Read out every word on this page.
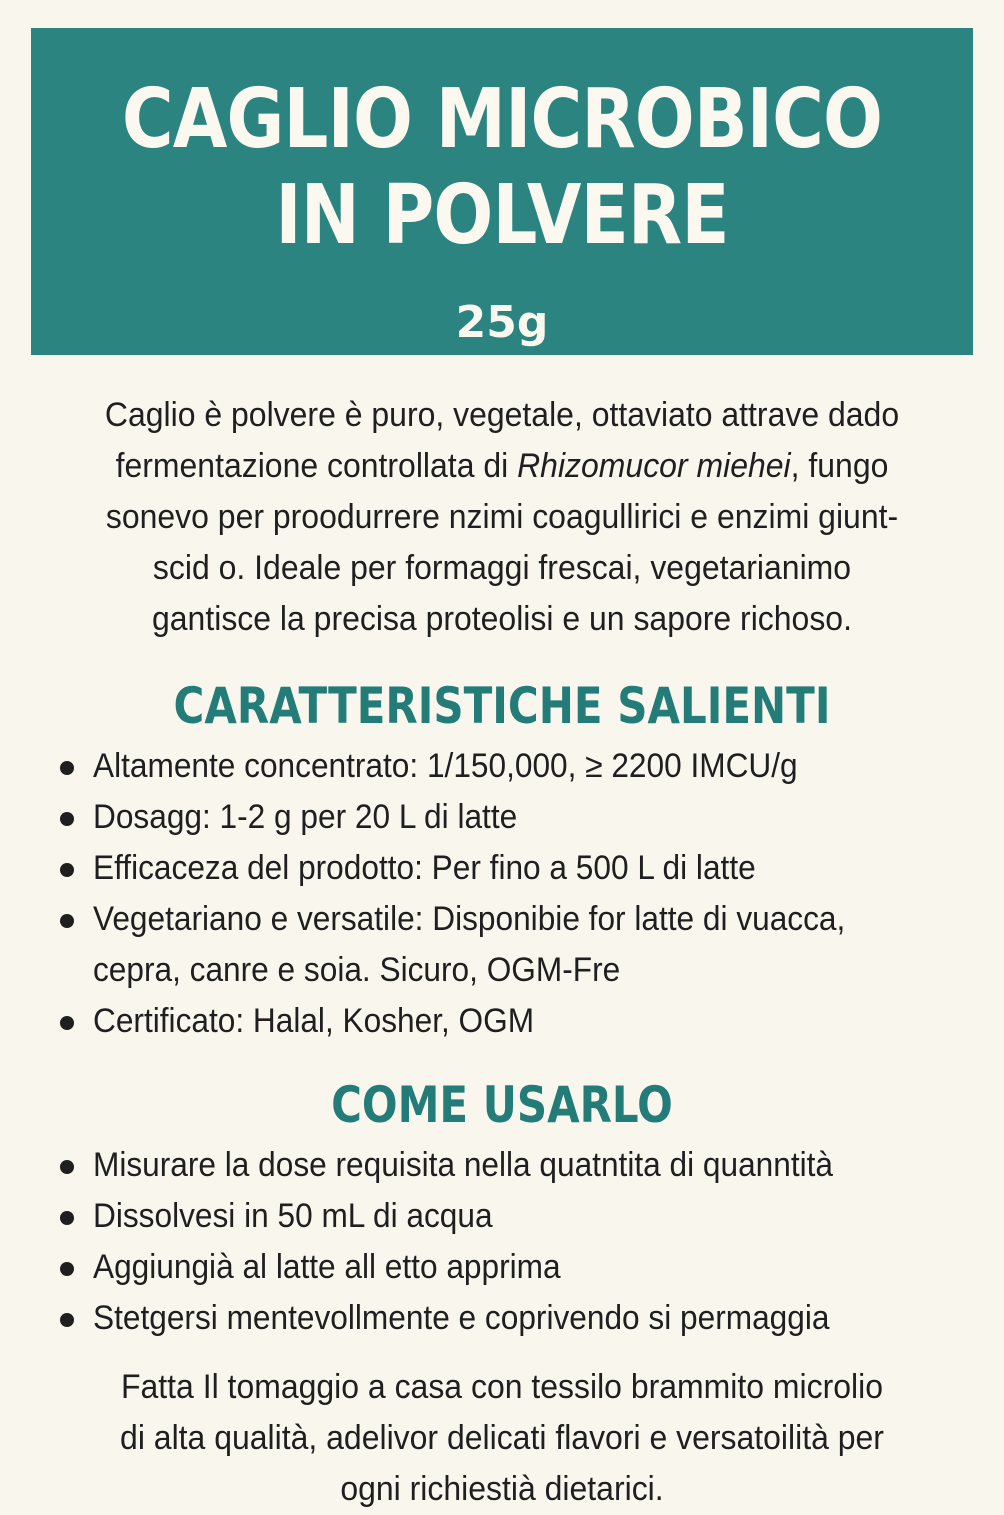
CAGLIO MICROBICO
IN POLVERE
25g
Caglio è polvere è puro, vegetale, ottaviato attrave dado
fermentazione controllata di Rhizomucor miehei, fungo
sonevo per proodurrere nzimi coagullirici e enzimi giunt-
scid o. Ideale per formaggi frescai, vegetarianimo
gantisce la precisa proteolisi e un sapore richoso.
CARATTERISTICHE SALIENTI
Altamente concentrato: 1/150,000, ≥ 2200 IMCU/g
Dosagg: 1-2 g per 20 L di latte
Efficaceza del prodotto: Per fino a 500 L di latte
Vegetariano e versatile: Disponibie for latte di vuacca,
cepra, canre e soia. Sicuro, OGM-Fre
Certificato: Halal, Kosher, OGM
COME USARLO
Misurare la dose requisita nella quatntita di quanntità
Dissolvesi in 50 mL di acqua
Aggiungià al latte all etto apprima
Stetgersi mentevollmente e coprivendo si permaggia
Fatta Il tomaggio a casa con tessilo brammito microlio
di alta qualità, adelivor delicati flavori e versatoilità per
ogni richiestià dietarici.
